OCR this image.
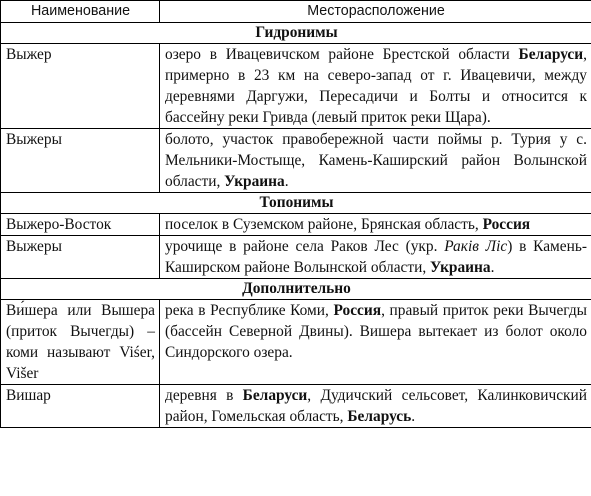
Наименование	Месторасположение
Гидронимы	
Выжер	озеро в Ивацевичском районе Брестской области Беларуси, примерно в 23 км на северо-запад от г. Ивацевичи, между деревнями Даргужи, Пересадичи и Болты и относится к бассейну реки Гривда (левый приток реки Щара).

Выжеры	болото, участок правобережной части поймы р. Турия у с. Мельники-Мостыще, Камень-Каширский район Волынской области, Украина.

Топонимы	
Выжеро-Восток	поселок в Суземском районе, Брянская область, Россия

Выжеры	урочище в районе села Раков Лес (укр. Раків Ліс) в Камень-Каширском районе Волынской области, Украина.

Дополнительно	
Ви́шера или Вышера (приток Вычегды) – коми называют Viśer,
Višer	река в Республике Коми, Россия, правый приток реки Вычегды (бассейн Северной Двины). Вишера вытекает из болот около Синдорского озера.

Вишар	деревня в Беларуси, Дудичский сельсовет, Калинковичский район, Гомельская область, Беларусь.
